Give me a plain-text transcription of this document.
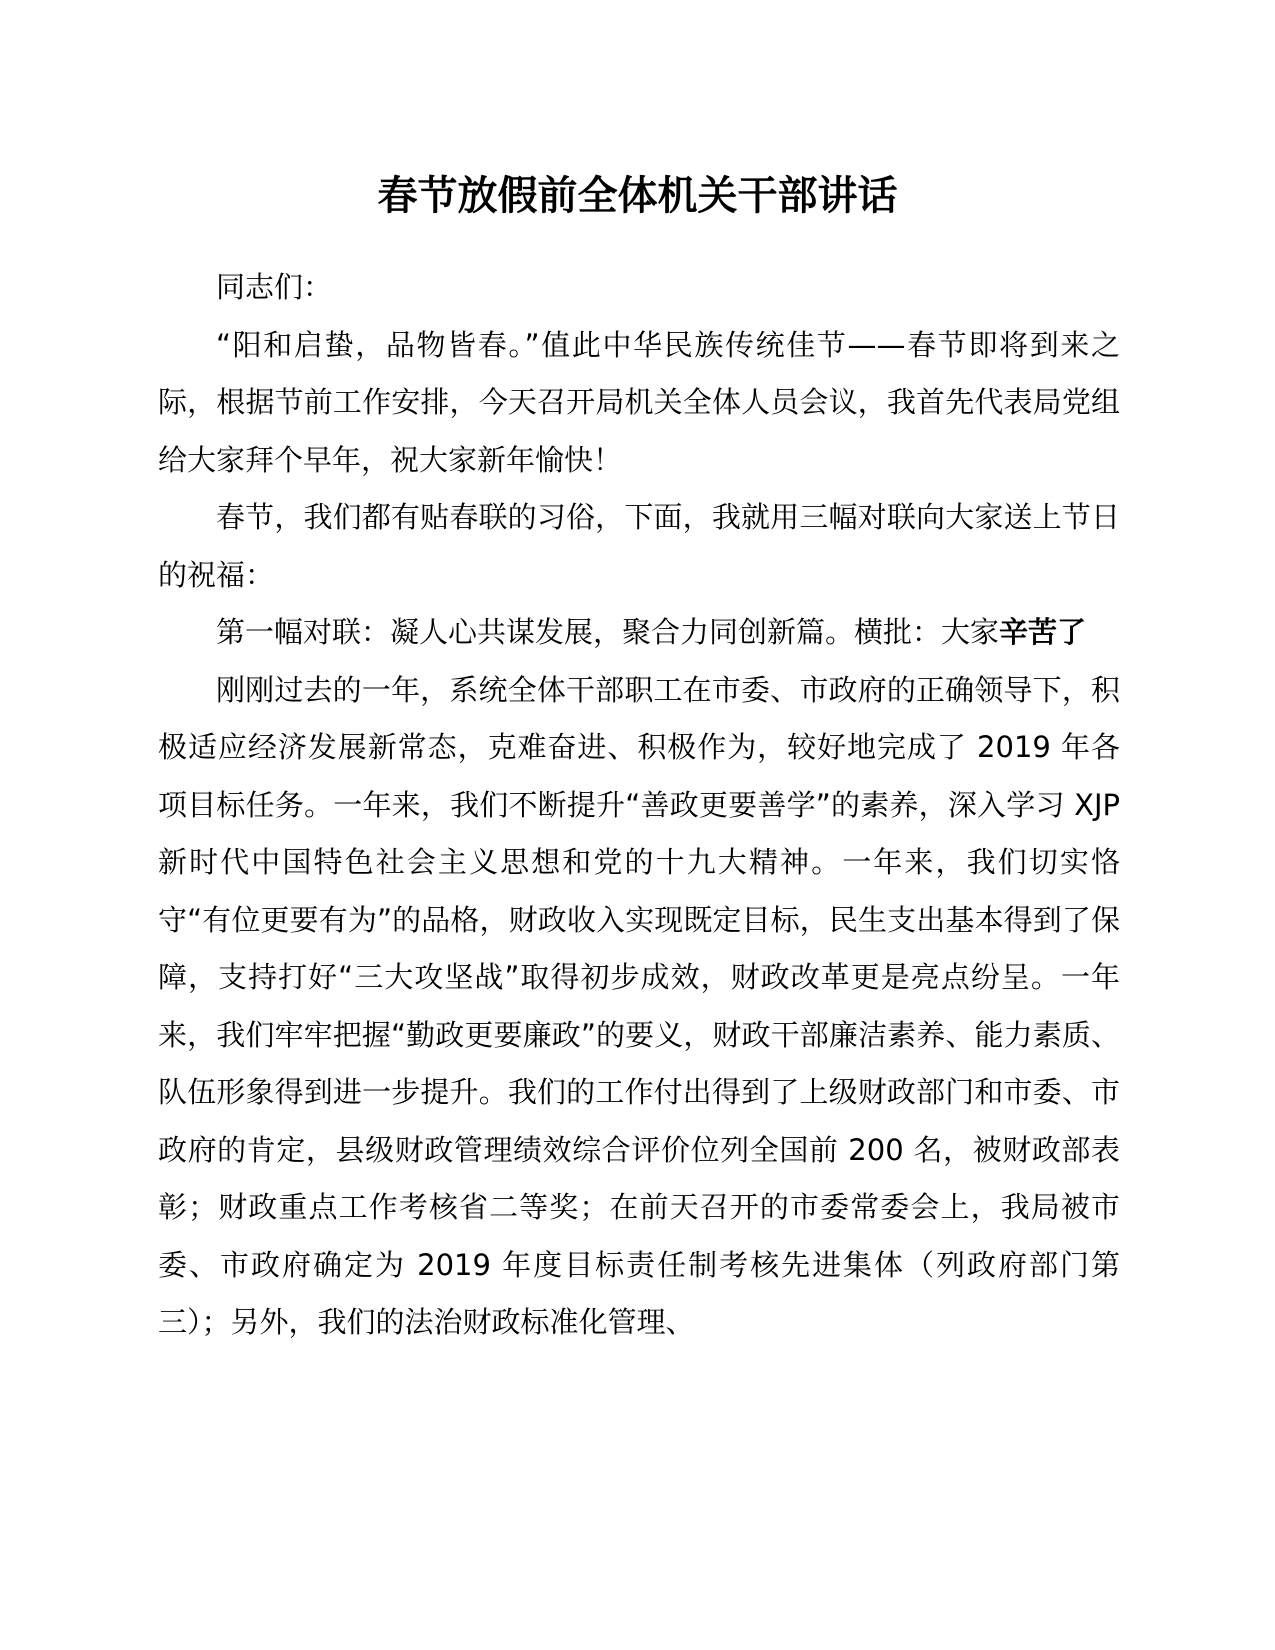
春节放假前全体机关干部讲话

同志们：

“阳和启蛰，品物皆春。”值此中华民族传统佳节——春节即将到来之际，根据节前工作安排，今天召开局机关全体人员会议，我首先代表局党组给大家拜个早年，祝大家新年愉快！

春节，我们都有贴春联的习俗，下面，我就用三幅对联向大家送上节日的祝福：

第一幅对联：凝人心共谋发展，聚合力同创新篇。横批：大家辛苦了

刚刚过去的一年，系统全体干部职工在市委、市政府的正确领导下，积极适应经济发展新常态，克难奋进、积极作为，较好地完成了 2019 年各项目标任务。一年来，我们不断提升“善政更要善学”的素养，深入学习 XJP 新时代中国特色社会主义思想和党的十九大精神。一年来，我们切实恪守“有位更要有为”的品格，财政收入实现既定目标，民生支出基本得到了保障，支持打好“三大攻坚战”取得初步成效，财政改革更是亮点纷呈。一年来，我们牢牢把握“勤政更要廉政”的要义，财政干部廉洁素养、能力素质、队伍形象得到进一步提升。我们的工作付出得到了上级财政部门和市委、市政府的肯定，县级财政管理绩效综合评价位列全国前 200 名，被财政部表彰；财政重点工作考核省二等奖；在前天召开的市委常委会上，我局被市委、市政府确定为 2019 年度目标责任制考核先进集体（列政府部门第三）；另外，我们的法治财政标准化管理、
